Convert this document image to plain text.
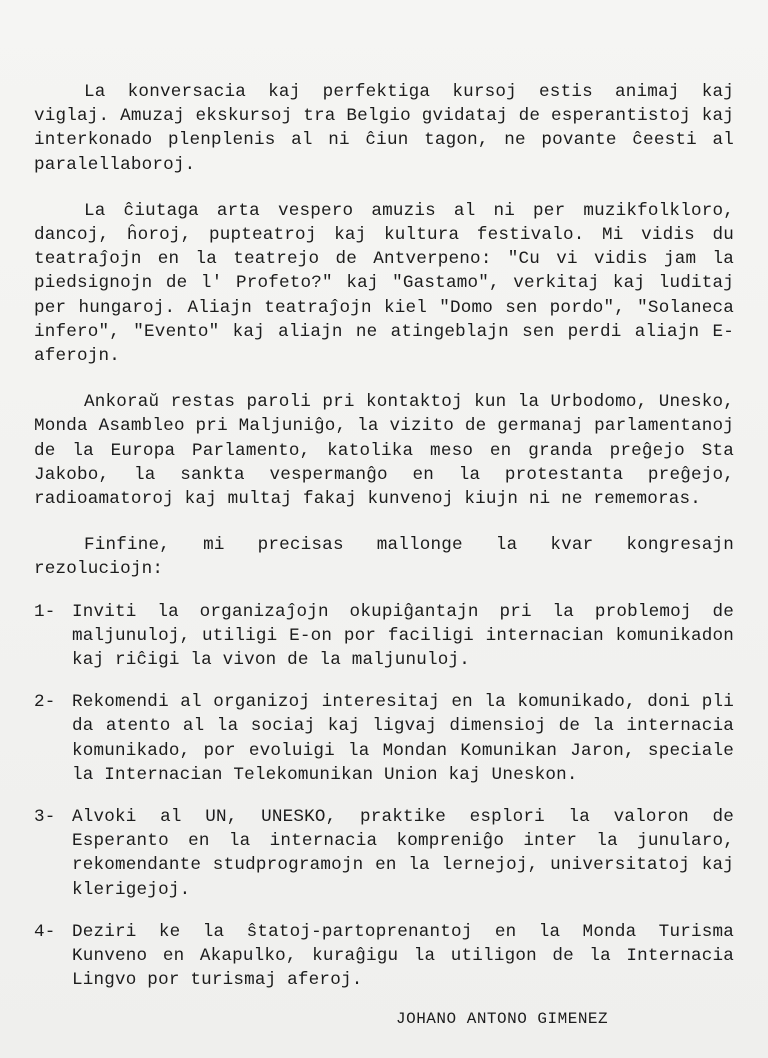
La konversacia kaj perfektiga kursoj estis animaj kaj viglaj. Amuzaj ekskursoj tra Belgio gvidataj de esperantistoj kaj interkonado plenplenis al ni ĉiun tagon, ne povante ĉeesti al paralellaboroj.

La ĉiutaga arta vespero amuzis al ni per muzikfolkloro, dancoj, ĥoroj, pupteatroj kaj kultura festivalo. Mi vidis du teatraĵojn en la teatrejo de Antverpeno: "Cu vi vidis jam la piedsignojn de l' Profeto?" kaj "Gastamo", verkitaj kaj luditaj per hungaroj. Aliajn teatraĵojn kiel "Domo sen pordo", "Solaneca infero", "Evento" kaj aliajn ne atingeblajn sen perdi aliajn E-aferojn.

Ankoraŭ restas paroli pri kontaktoj kun la Urbodomo, Unesko, Monda Asambleo pri Maljuniĝo, la vizito de germanaj parlamentanoj de la Europa Parlamento, katolika meso en granda preĝejo Sta Jakobo, la sankta vespermanĝo en la protestanta preĝejo, radioamatoroj kaj multaj fakaj kunvenoj kiujn ni ne rememoras.

Finfine, mi precisas mallonge la kvar kongresajn rezoluciojn:

1- Inviti la organizaĵojn okupiĝantajn pri la problemoj de maljunuloj, utiligi E-on por faciligi internacian komunikadon kaj riĉigi la vivon de la maljunuloj.
2- Rekomendi al organizoj interesitaj en la komunikado, doni pli da atento al la sociaj kaj ligvaj dimensioj de la internacia komunikado, por evoluigi la Mondan Komunikan Jaron, speciale la Internacian Telekomunikan Union kaj Uneskon.
3- Alvoki al UN, UNESKO, praktike esplori la valoron de Esperanto en la internacia kompreniĝo inter la junularo, rekomendante studprogramojn en la lernejoj, universitatoj kaj klerigejoj.
4- Deziri ke la ŝtatoj-partoprenantoj en la Monda Turisma Kunveno en Akapulko, kuraĝigu la utiligon de la Internacia Lingvo por turismaj aferoj.
JOHANO ANTONO GIMENEZ
